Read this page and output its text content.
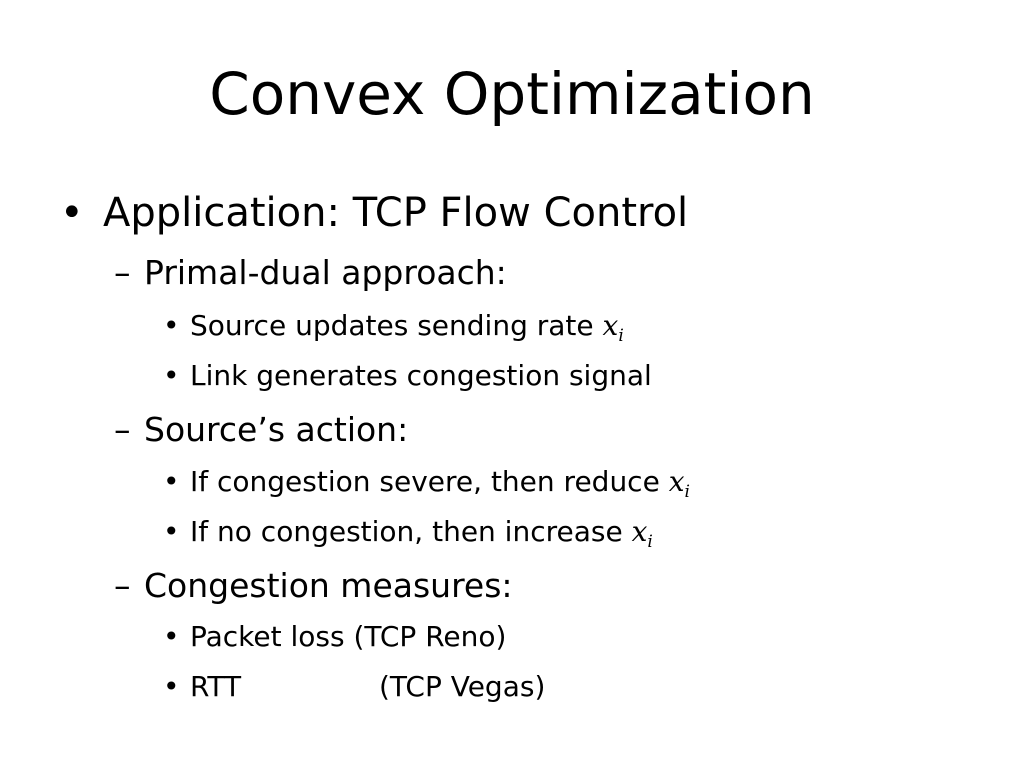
Convex Optimization
• Application: TCP Flow Control
– Primal-dual approach:
• Source updates sending rate $x_i$
• Link generates congestion signal
– Source’s action:
• If congestion severe, then reduce $x_i$
• If no congestion, then increase $x_i$
– Congestion measures:
• Packet loss (TCP Reno)
• RTT	(TCP Vegas)
